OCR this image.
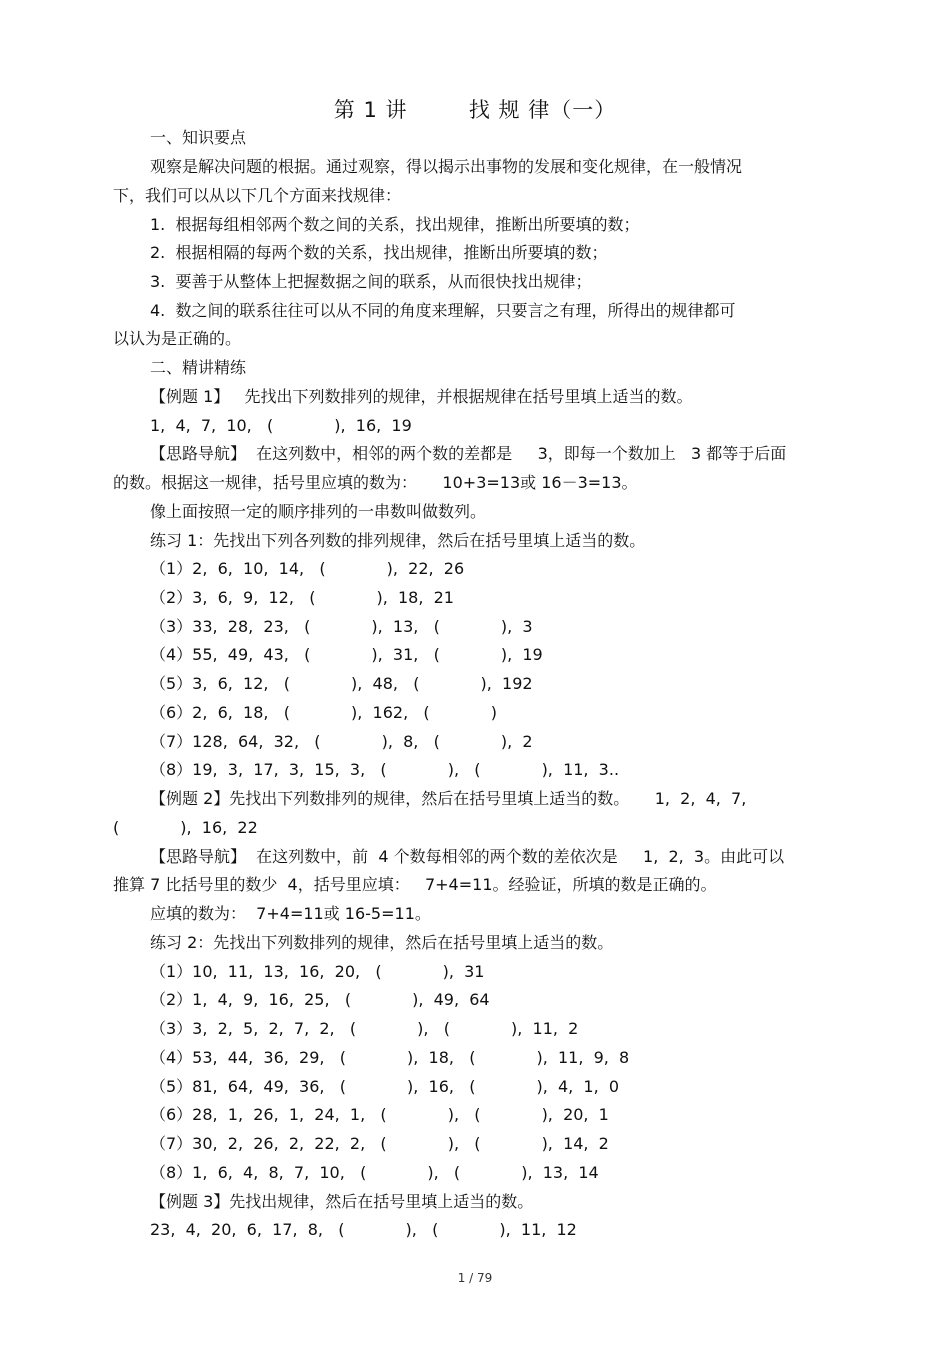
第 1 讲        找 规 律（一）
一、知识要点
观察是解决问题的根据。通过观察，得以揭示出事物的发展和变化规律，在一般情况
下，我们可以从以下几个方面来找规律：
1.  根据每组相邻两个数之间的关系，找出规律，推断出所要填的数；
2.  根据相隔的每两个数的关系，找出规律，推断出所要填的数；
3.  要善于从整体上把握数据之间的联系，从而很快找出规律；
4.  数之间的联系往往可以从不同的角度来理解，只要言之有理，所得出的规律都可
以认为是正确的。
二、精讲精练
【例题 1】   先找出下列数排列的规律，并根据规律在括号里填上适当的数。
1,  4,  7,  10,   (            ),  16,  19
【思路导航】  在这列数中，相邻的两个数的差都是     3，即每一个数加上   3 都等于后面
的数。根据这一规律，括号里应填的数为：     10+3=13或 16－3=13。
像上面按照一定的顺序排列的一串数叫做数列。
练习 1：先找出下列各列数的排列规律，然后在括号里填上适当的数。
（1）2,  6,  10,  14,   (            ),  22,  26
（2）3,  6,  9,  12,   (            ),  18,  21
（3）33,  28,  23,   (            ),  13,   (            ),  3
（4）55,  49,  43,   (            ),  31,   (            ),  19
（5）3,  6,  12,   (            ),  48,   (            ),  192
（6）2,  6,  18,   (            ),  162,   (            )
（7）128,  64,  32,   (            ),  8,   (            ),  2
（8）19,  3,  17,  3,  15,  3,   (            ),   (            ),  11,  3..
【例题 2】先找出下列数排列的规律，然后在括号里填上适当的数。     1,  2,  4,  7,
(            ),  16,  22
【思路导航】  在这列数中，前  4 个数每相邻的两个数的差依次是     1,  2,  3。由此可以
推算 7 比括号里的数少  4，括号里应填：   7+4=11。经验证，所填的数是正确的。
应填的数为：  7+4=11或 16-5=11。
练习 2：先找出下列数排列的规律，然后在括号里填上适当的数。
（1）10,  11,  13,  16,  20,   (            ),  31
（2）1,  4,  9,  16,  25,   (            ),  49,  64
（3）3,  2,  5,  2,  7,  2,   (            ),   (            ),  11,  2
（4）53,  44,  36,  29,   (            ),  18,   (            ),  11,  9,  8
（5）81,  64,  49,  36,   (            ),  16,   (            ),  4,  1,  0
（6）28,  1,  26,  1,  24,  1,   (            ),   (            ),  20,  1
（7）30,  2,  26,  2,  22,  2,   (            ),   (            ),  14,  2
（8）1,  6,  4,  8,  7,  10,   (            ),   (            ),  13,  14
【例题 3】先找出规律，然后在括号里填上适当的数。
23,  4,  20,  6,  17,  8,   (            ),   (            ),  11,  12
1 / 79
